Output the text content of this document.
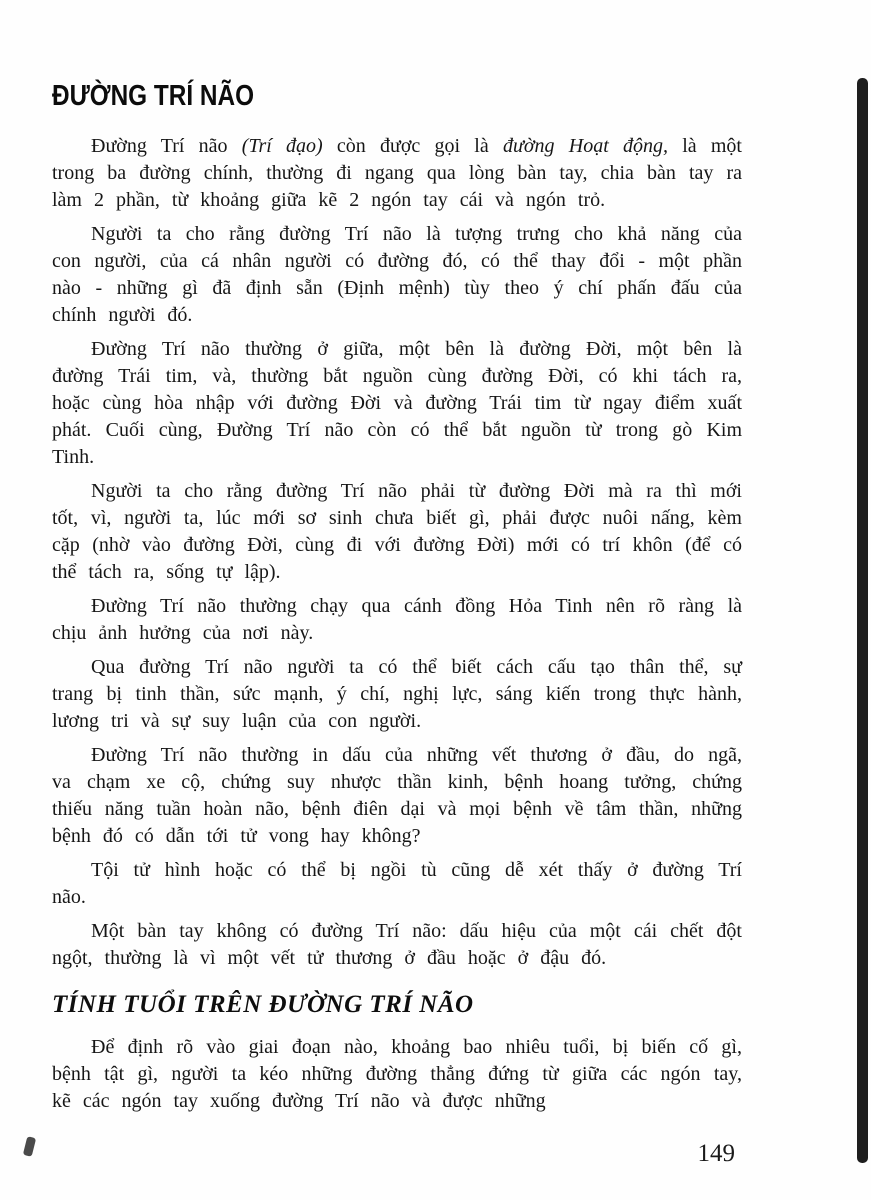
ĐƯỜNG TRÍ NÃO

Đường Trí não (Trí đạo) còn được gọi là đường Hoạt động, là một trong ba đường chính, thường đi ngang qua lòng bàn tay, chia bàn tay ra làm 2 phần, từ khoảng giữa kẽ 2 ngón tay cái và ngón trỏ.

Người ta cho rằng đường Trí não là tượng trưng cho khả năng của con người, của cá nhân người có đường đó, có thể thay đổi - một phần nào - những gì đã định sẵn (Định mệnh) tùy theo ý chí phấn đấu của chính người đó.

Đường Trí não thường ở giữa, một bên là đường Đời, một bên là đường Trái tim, và, thường bắt nguồn cùng đường Đời, có khi tách ra, hoặc cùng hòa nhập với đường Đời và đường Trái tim từ ngay điểm xuất phát. Cuối cùng, Đường Trí não còn có thể bắt nguồn từ trong gò Kim Tinh.

Người ta cho rằng đường Trí não phải từ đường Đời mà ra thì mới tốt, vì, người ta, lúc mới sơ sinh chưa biết gì, phải được nuôi nấng, kèm cặp (nhờ vào đường Đời, cùng đi với đường Đời) mới có trí khôn (để có thể tách ra, sống tự lập).

Đường Trí não thường chạy qua cánh đồng Hỏa Tinh nên rõ ràng là chịu ảnh hưởng của nơi này.

Qua đường Trí não người ta có thể biết cách cấu tạo thân thể, sự trang bị tinh thần, sức mạnh, ý chí, nghị lực, sáng kiến trong thực hành, lương tri và sự suy luận của con người.

Đường Trí não thường in dấu của những vết thương ở đầu, do ngã, va chạm xe cộ, chứng suy nhược thần kinh, bệnh hoang tưởng, chứng thiếu năng tuần hoàn não, bệnh điên dại và mọi bệnh về tâm thần, những bệnh đó có dẫn tới tử vong hay không?

Tội tử hình hoặc có thể bị ngồi tù cũng dễ xét thấy ở đường Trí não.

Một bàn tay không có đường Trí não: dấu hiệu của một cái chết đột ngột, thường là vì một vết tử thương ở đầu hoặc ở đậu đó.

TÍNH TUỔI TRÊN ĐƯỜNG TRÍ NÃO

Để định rõ vào giai đoạn nào, khoảng bao nhiêu tuổi, bị biến cố gì, bệnh tật gì, người ta kéo những đường thẳng đứng từ giữa các ngón tay, kẽ các ngón tay xuống đường Trí não và được những

149
